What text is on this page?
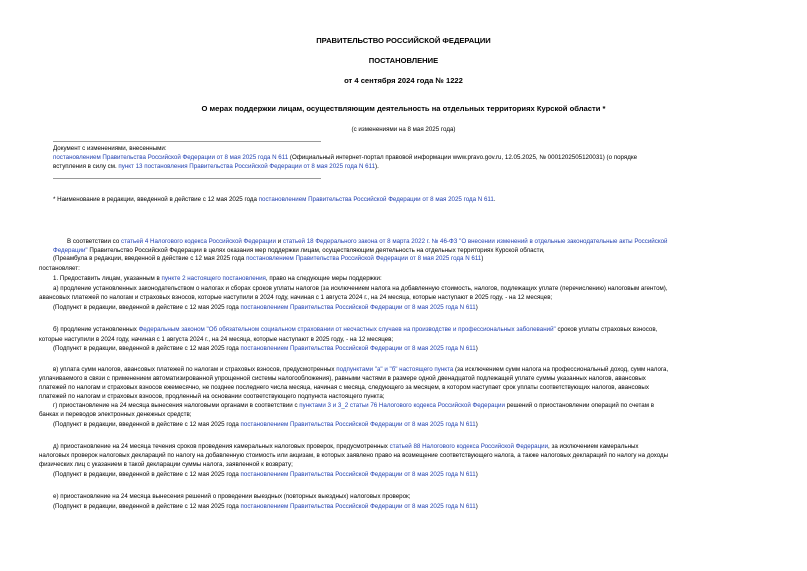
ПРАВИТЕЛЬСТВО РОССИЙСКОЙ ФЕДЕРАЦИИ
ПОСТАНОВЛЕНИЕ
от 4 сентября 2024 года № 1222
О мерах поддержки лицам, осуществляющим деятельность на отдельных территориях Курской области *
(с изменениями на 8 мая 2025 года)
Документ с изменениями, внесенными:
постановлением Правительства Российской Федерации от 8 мая 2025 года N 611 (Официальный интернет-портал правовой информации www.pravo.gov.ru, 12.05.2025, № 0001202505120031) (о порядке
вступления в силу см. пункт 13 постановления Правительства Российской Федерации от 8 мая 2025 года N 611).
* Наименование в редакции, введенной в действие с 12 мая 2025 года постановлением Правительства Российской Федерации от 8 мая 2025 года N 611.
В соответствии со статьей 4 Налогового кодекса Российской Федерации и статьей 18 Федерального закона от 8 марта 2022 г. № 46-ФЗ "О внесении изменений в отдельные законодательные акты Российской
Федерации" Правительство Российской Федерации в целях оказания мер поддержки лицам, осуществляющим деятельность на отдельных территориях Курской области,
(Преамбула в редакции, введенной в действие с 12 мая 2025 года постановлением Правительства Российской Федерации от 8 мая 2025 года N 611)
постановляет:
1. Предоставить лицам, указанным в пункте 2 настоящего постановления, право на следующие меры поддержки:
а) продление установленных законодательством о налогах и сборах сроков уплаты налогов (за исключением налога на добавленную стоимость, налогов, подлежащих уплате (перечислению) налоговым агентом),
авансовых платежей по налогам и страховых взносов, которые наступили в 2024 году, начиная с 1 августа 2024 г., на 24 месяца, которые наступают в 2025 году, - на 12 месяцев;
(Подпункт в редакции, введенной в действие с 12 мая 2025 года постановлением Правительства Российской Федерации от 8 мая 2025 года N 611)
б) продление установленных Федеральным законом "Об обязательном социальном страховании от несчастных случаев на производстве и профессиональных заболеваний" сроков уплаты страховых взносов,
которые наступили в 2024 году, начиная с 1 августа 2024 г., на 24 месяца, которые наступают в 2025 году, - на 12 месяцев;
(Подпункт в редакции, введенной в действие с 12 мая 2025 года постановлением Правительства Российской Федерации от 8 мая 2025 года N 611)
в) уплата сумм налогов, авансовых платежей по налогам и страховых взносов, предусмотренных подпунктами "а" и "б" настоящего пункта (за исключением сумм налога на профессиональный доход, сумм налога,
уплачиваемого в связи с применением автоматизированной упрощенной системы налогообложения), равными частями в размере одной двенадцатой подлежащей уплате суммы указанных налогов, авансовых
платежей по налогам и страховых взносов ежемесячно, не позднее последнего числа месяца, начиная с месяца, следующего за месяцем, в котором наступает срок уплаты соответствующих налогов, авансовых
платежей по налогам и страховых взносов, продленный на основании соответствующего подпункта настоящего пункта;
г) приостановление на 24 месяца вынесения налоговыми органами в соответствии с пунктами 3 и 3_2 статьи 76 Налогового кодекса Российской Федерации решений о приостановлении операций по счетам в
банках и переводов электронных денежных средств;
(Подпункт в редакции, введенной в действие с 12 мая 2025 года постановлением Правительства Российской Федерации от 8 мая 2025 года N 611)
д) приостановление на 24 месяца течения сроков проведения камеральных налоговых проверок, предусмотренных статьей 88 Налогового кодекса Российской Федерации, за исключением камеральных
налоговых проверок налоговых деклараций по налогу на добавленную стоимость или акцизам, в которых заявлено право на возмещение соответствующего налога, а также налоговых деклараций по налогу на доходы
физических лиц с указанием в такой декларации суммы налога, заявленной к возврату;
(Подпункт в редакции, введенной в действие с 12 мая 2025 года постановлением Правительства Российской Федерации от 8 мая 2025 года N 611)
е) приостановление на 24 месяца вынесения решений о проведении выездных (повторных выездных) налоговых проверок;
(Подпункт в редакции, введенной в действие с 12 мая 2025 года постановлением Правительства Российской Федерации от 8 мая 2025 года N 611)
